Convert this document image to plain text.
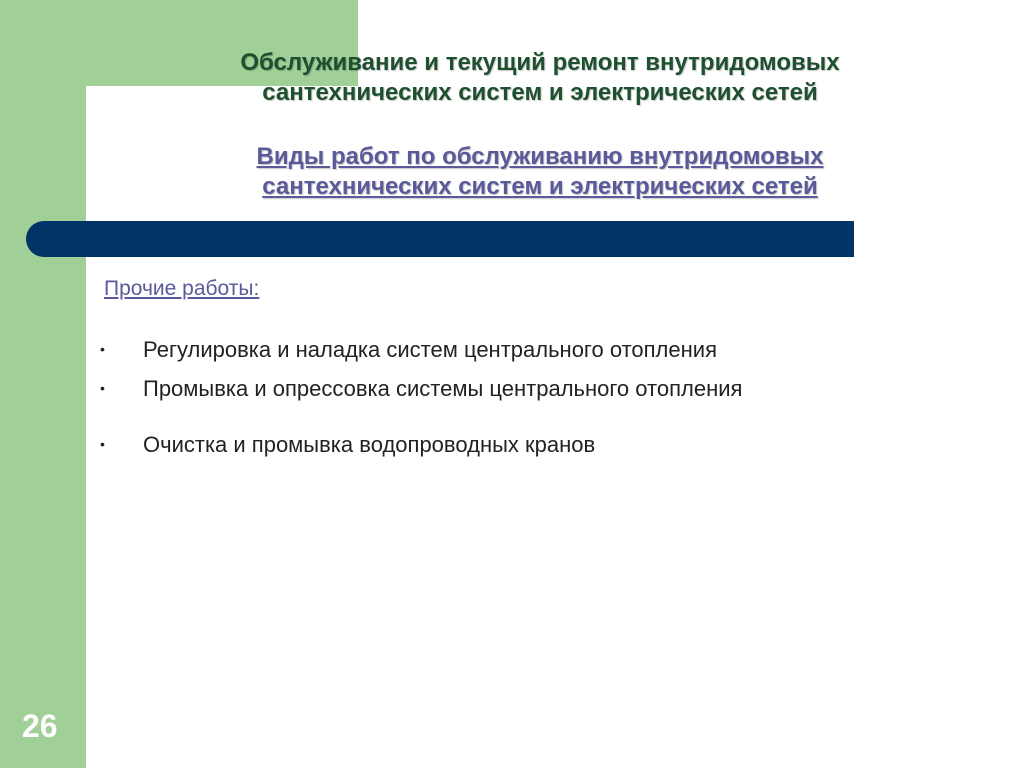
Обслуживание и текущий ремонт внутридомовых
сантехнических систем и электрических сетей
Виды работ по обслуживанию внутридомовых
сантехнических систем и электрических сетей
Прочие работы:
• Регулировка и наладка систем центрального отопления
• Промывка и опрессовка системы центрального отопления
• Очистка и промывка водопроводных кранов
26
